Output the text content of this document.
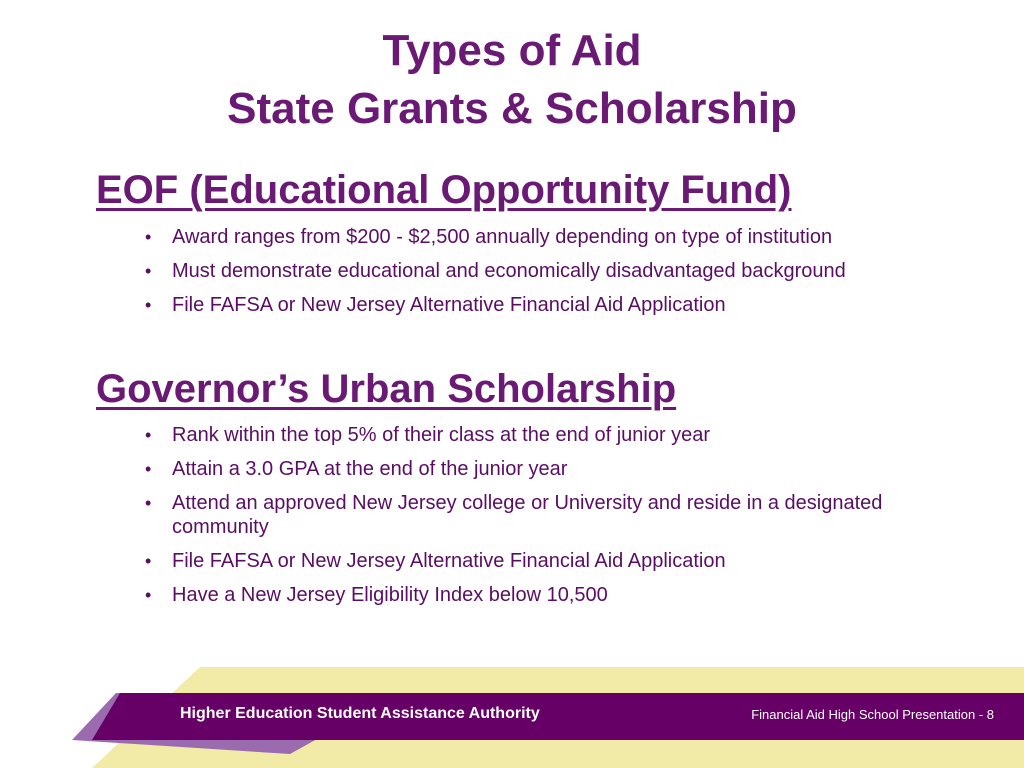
Types of Aid
State Grants & Scholarship
EOF (Educational Opportunity Fund)
• Award ranges from $200 - $2,500 annually depending on type of institution
• Must demonstrate educational and economically disadvantaged background
• File FAFSA or New Jersey Alternative Financial Aid Application
Governor’s Urban Scholarship
• Rank within the top 5% of their class at the end of junior year
• Attain a 3.0 GPA at the end of the junior year
• Attend an approved New Jersey college or University and reside in a designated community
• File FAFSA or New Jersey Alternative Financial Aid Application
• Have a New Jersey Eligibility Index below 10,500
Higher Education Student Assistance Authority	Financial Aid High School Presentation - 8
